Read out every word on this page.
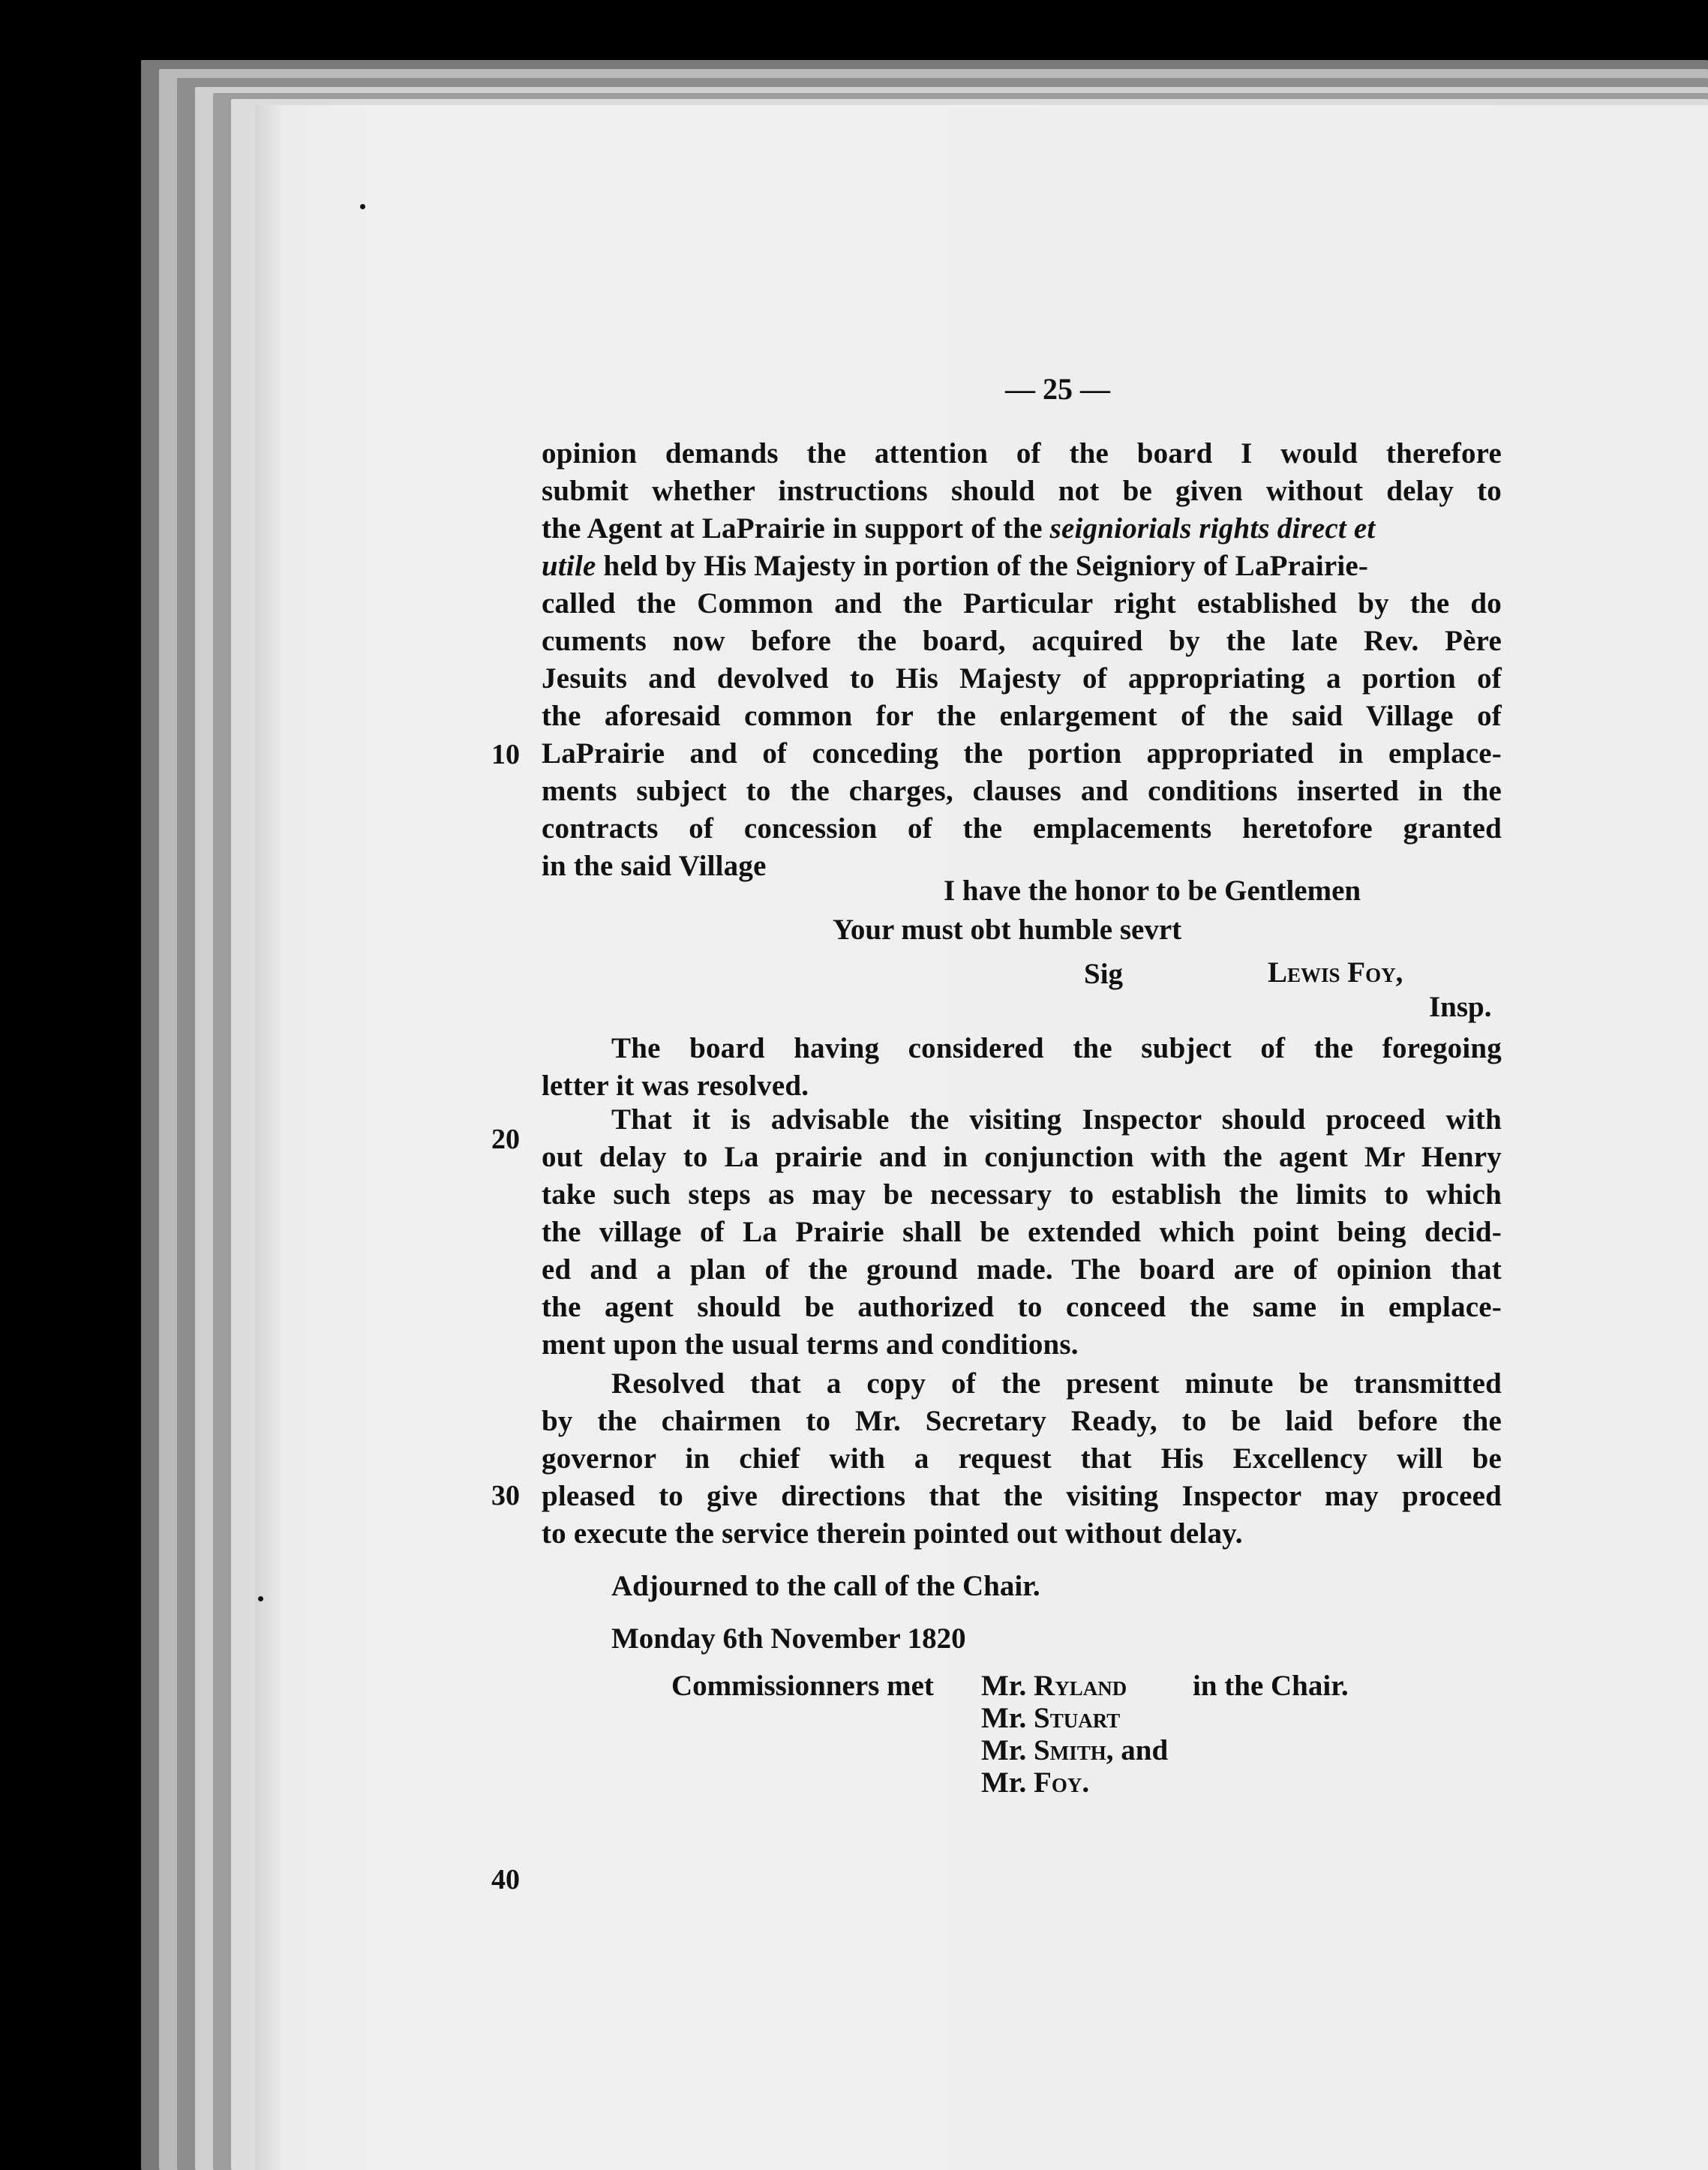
— 25 —
opinion demands the attention of the board I would therefore
submit whether instructions should not be given without delay to
the Agent at LaPrairie in support of the seigniorials rights direct et
utile held by His Majesty in portion of the Seigniory of LaPrairie-
called the Common and the Particular right established by the do
cuments now before the board, acquired by the late Rev. Père
Jesuits and devolved to His Majesty of appropriating a portion of
the aforesaid common for the enlargement of the said Village of
10 LaPrairie and of conceding the portion appropriated in emplace-
ments subject to the charges, clauses and conditions inserted in the
contracts of concession of the emplacements heretofore granted
in the said Village
I have the honor to be Gentlemen
Your must obt humble sevrt
Sig	Lewis Foy,
Insp.
The board having considered the subject of the foregoing
letter it was resolved.
20
That it is advisable the visiting Inspector should proceed with
out delay to La prairie and in conjunction with the agent Mr Henry
take such steps as may be necessary to establish the limits to which
the village of La Prairie shall be extended which point being decid-
ed and a plan of the ground made. The board are of opinion that
the agent should be authorized to conceed the same in emplace-
ment upon the usual terms and conditions.
Resolved that a copy of the present minute be transmitted
by the chairmen to Mr. Secretary Ready, to be laid before the
governor in chief with a request that His Excellency will be
30 pleased to give directions that the visiting Inspector may proceed
to execute the service therein pointed out without delay.
Adjourned to the call of the Chair.
Monday 6th November 1820
Commissionners met Mr. Ryland in the Chair.
Mr. Stuart
Mr. Smith, and
Mr. Foy.
40
